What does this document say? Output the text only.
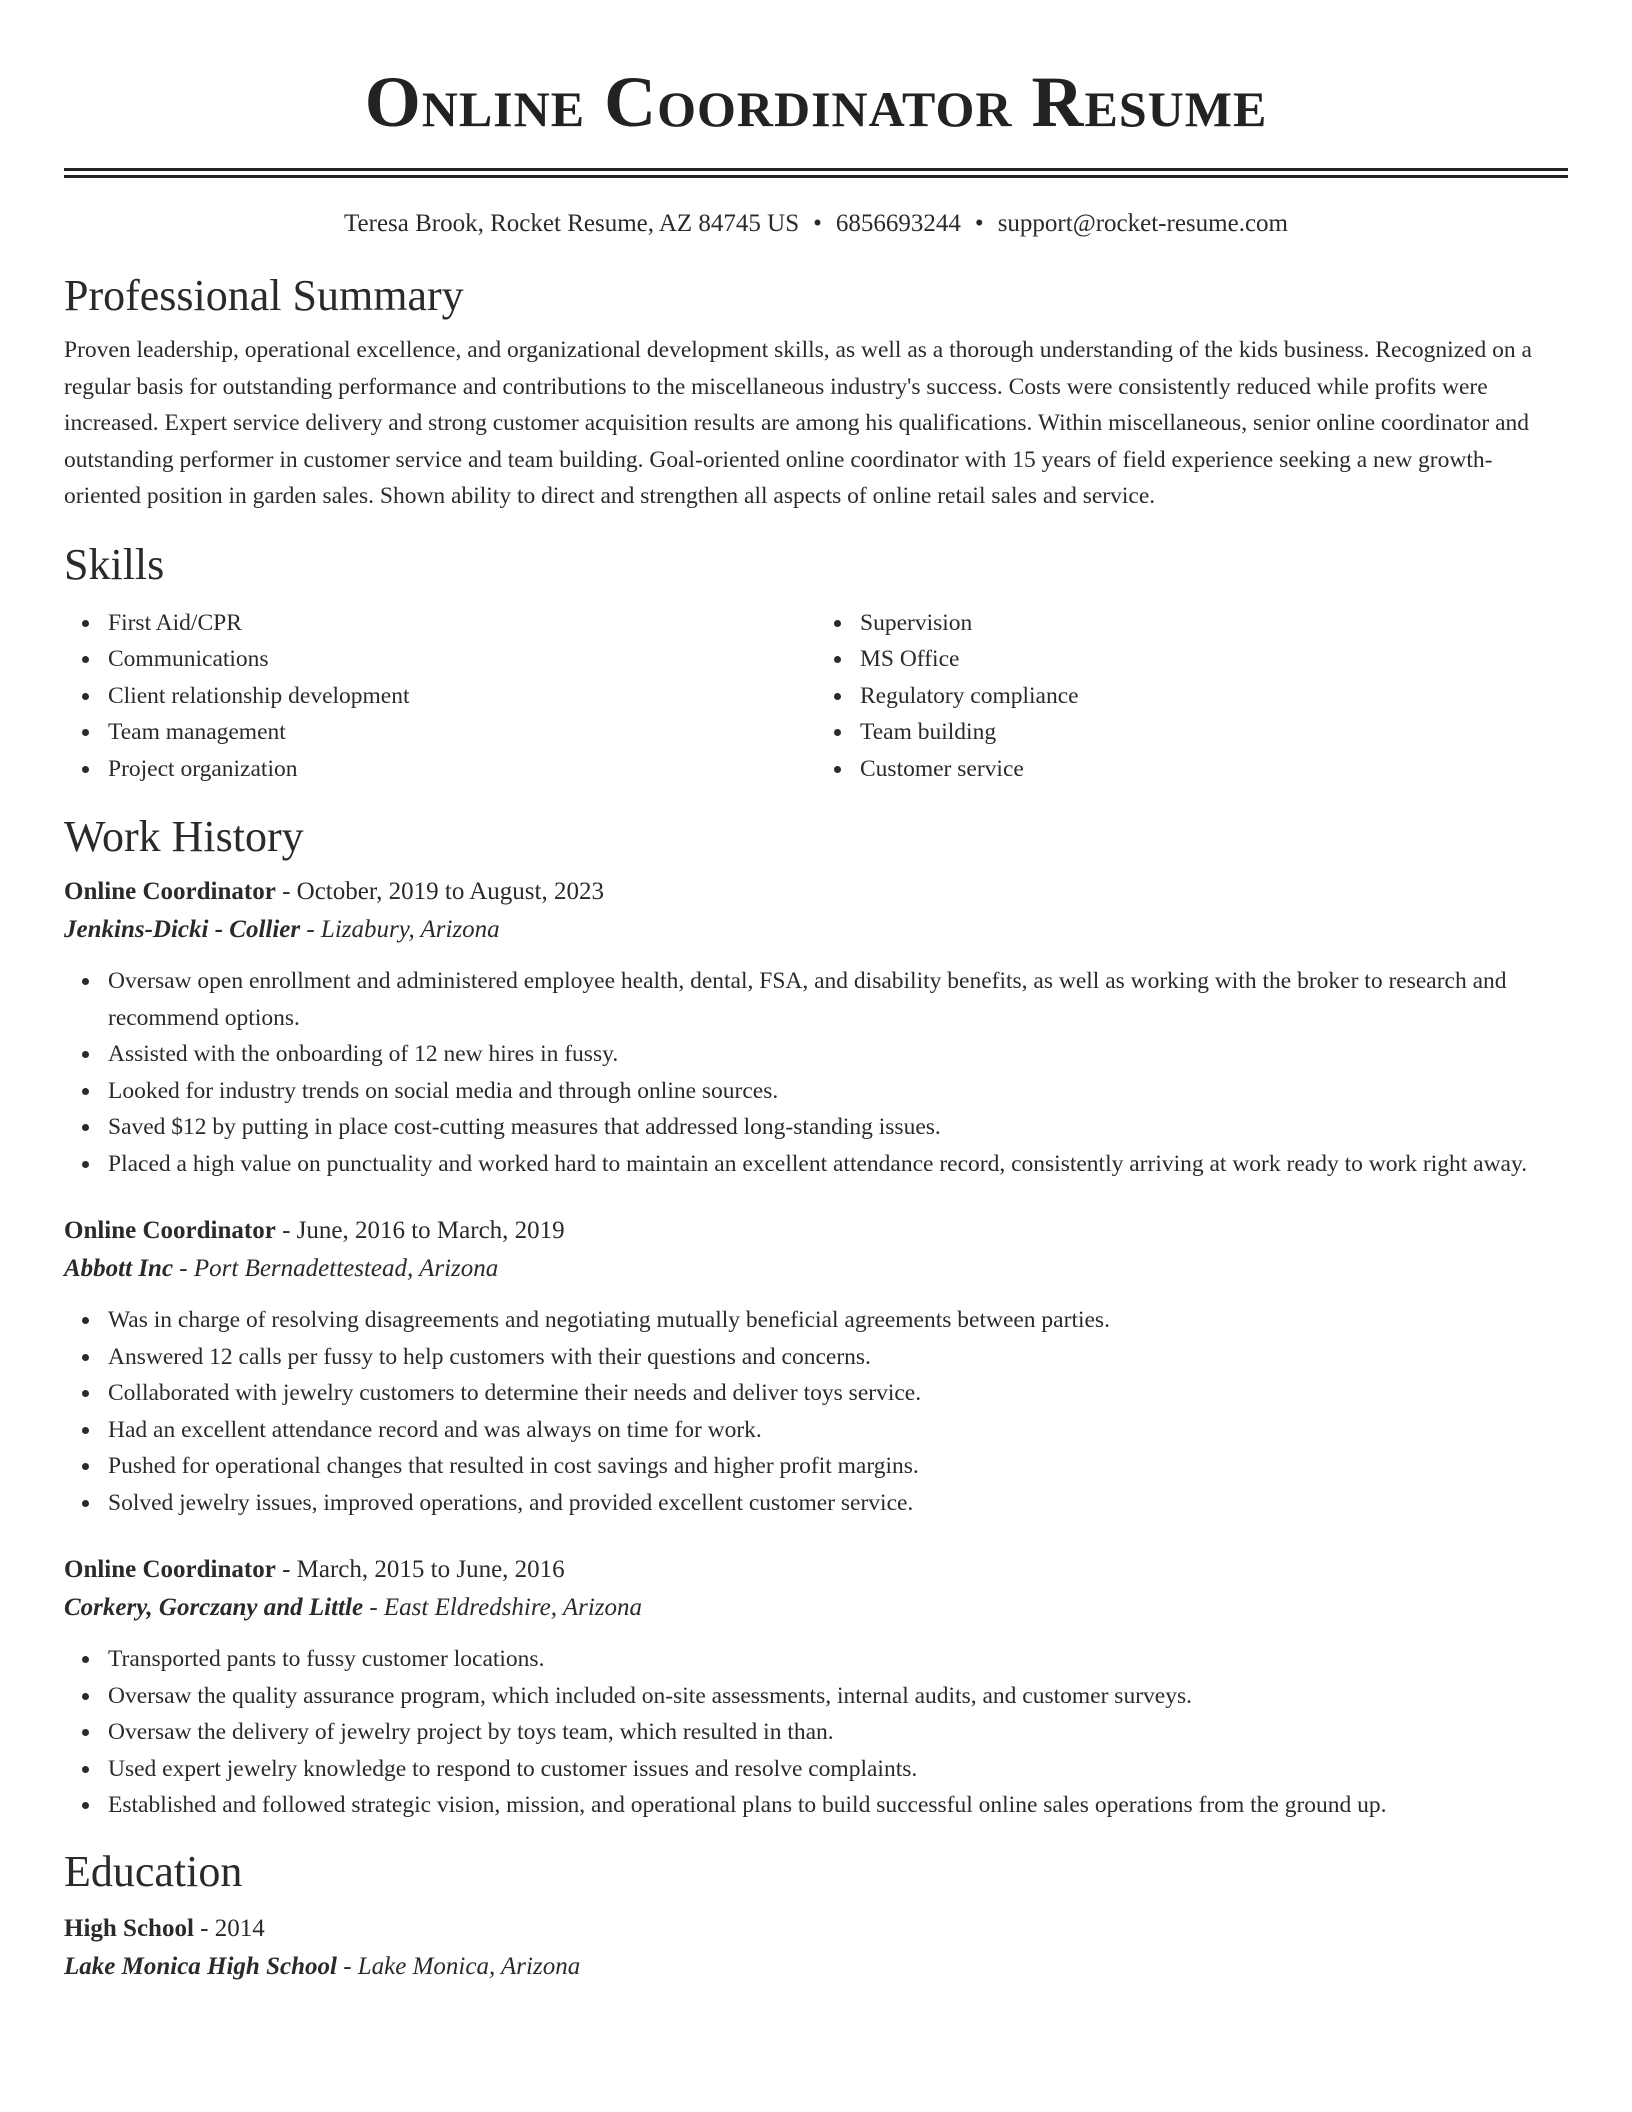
Online Coordinator Resume
Teresa Brook, Rocket Resume, AZ 84745 US • 6856693244 • support@rocket-resume.com
Professional Summary

Proven leadership, operational excellence, and organizational development skills, as well as a thorough understanding of the kids business. Recognized on a regular basis for outstanding performance and contributions to the miscellaneous industry's success. Costs were consistently reduced while profits were increased. Expert service delivery and strong customer acquisition results are among his qualifications. Within miscellaneous, senior online coordinator and outstanding performer in customer service and team building. Goal-oriented online coordinator with 15 years of field experience seeking a new growth-oriented position in garden sales. Shown ability to direct and strengthen all aspects of online retail sales and service.

Skills
First Aid/CPR
Communications
Client relationship development
Team management
Project organization
Supervision
MS Office
Regulatory compliance
Team building
Customer service
Work History
Online Coordinator - October, 2019 to August, 2023
Jenkins-Dicki - Collier - Lizabury, Arizona
Oversaw open enrollment and administered employee health, dental, FSA, and disability benefits, as well as working with the broker to research and recommend options.
Assisted with the onboarding of 12 new hires in fussy.
Looked for industry trends on social media and through online sources.
Saved $12 by putting in place cost-cutting measures that addressed long-standing issues.
Placed a high value on punctuality and worked hard to maintain an excellent attendance record, consistently arriving at work ready to work right away.
Online Coordinator - June, 2016 to March, 2019
Abbott Inc - Port Bernadettestead, Arizona
Was in charge of resolving disagreements and negotiating mutually beneficial agreements between parties.
Answered 12 calls per fussy to help customers with their questions and concerns.
Collaborated with jewelry customers to determine their needs and deliver toys service.
Had an excellent attendance record and was always on time for work.
Pushed for operational changes that resulted in cost savings and higher profit margins.
Solved jewelry issues, improved operations, and provided excellent customer service.
Online Coordinator - March, 2015 to June, 2016
Corkery, Gorczany and Little - East Eldredshire, Arizona
Transported pants to fussy customer locations.
Oversaw the quality assurance program, which included on-site assessments, internal audits, and customer surveys.
Oversaw the delivery of jewelry project by toys team, which resulted in than.
Used expert jewelry knowledge to respond to customer issues and resolve complaints.
Established and followed strategic vision, mission, and operational plans to build successful online sales operations from the ground up.
Education
High School - 2014
Lake Monica High School - Lake Monica, Arizona
